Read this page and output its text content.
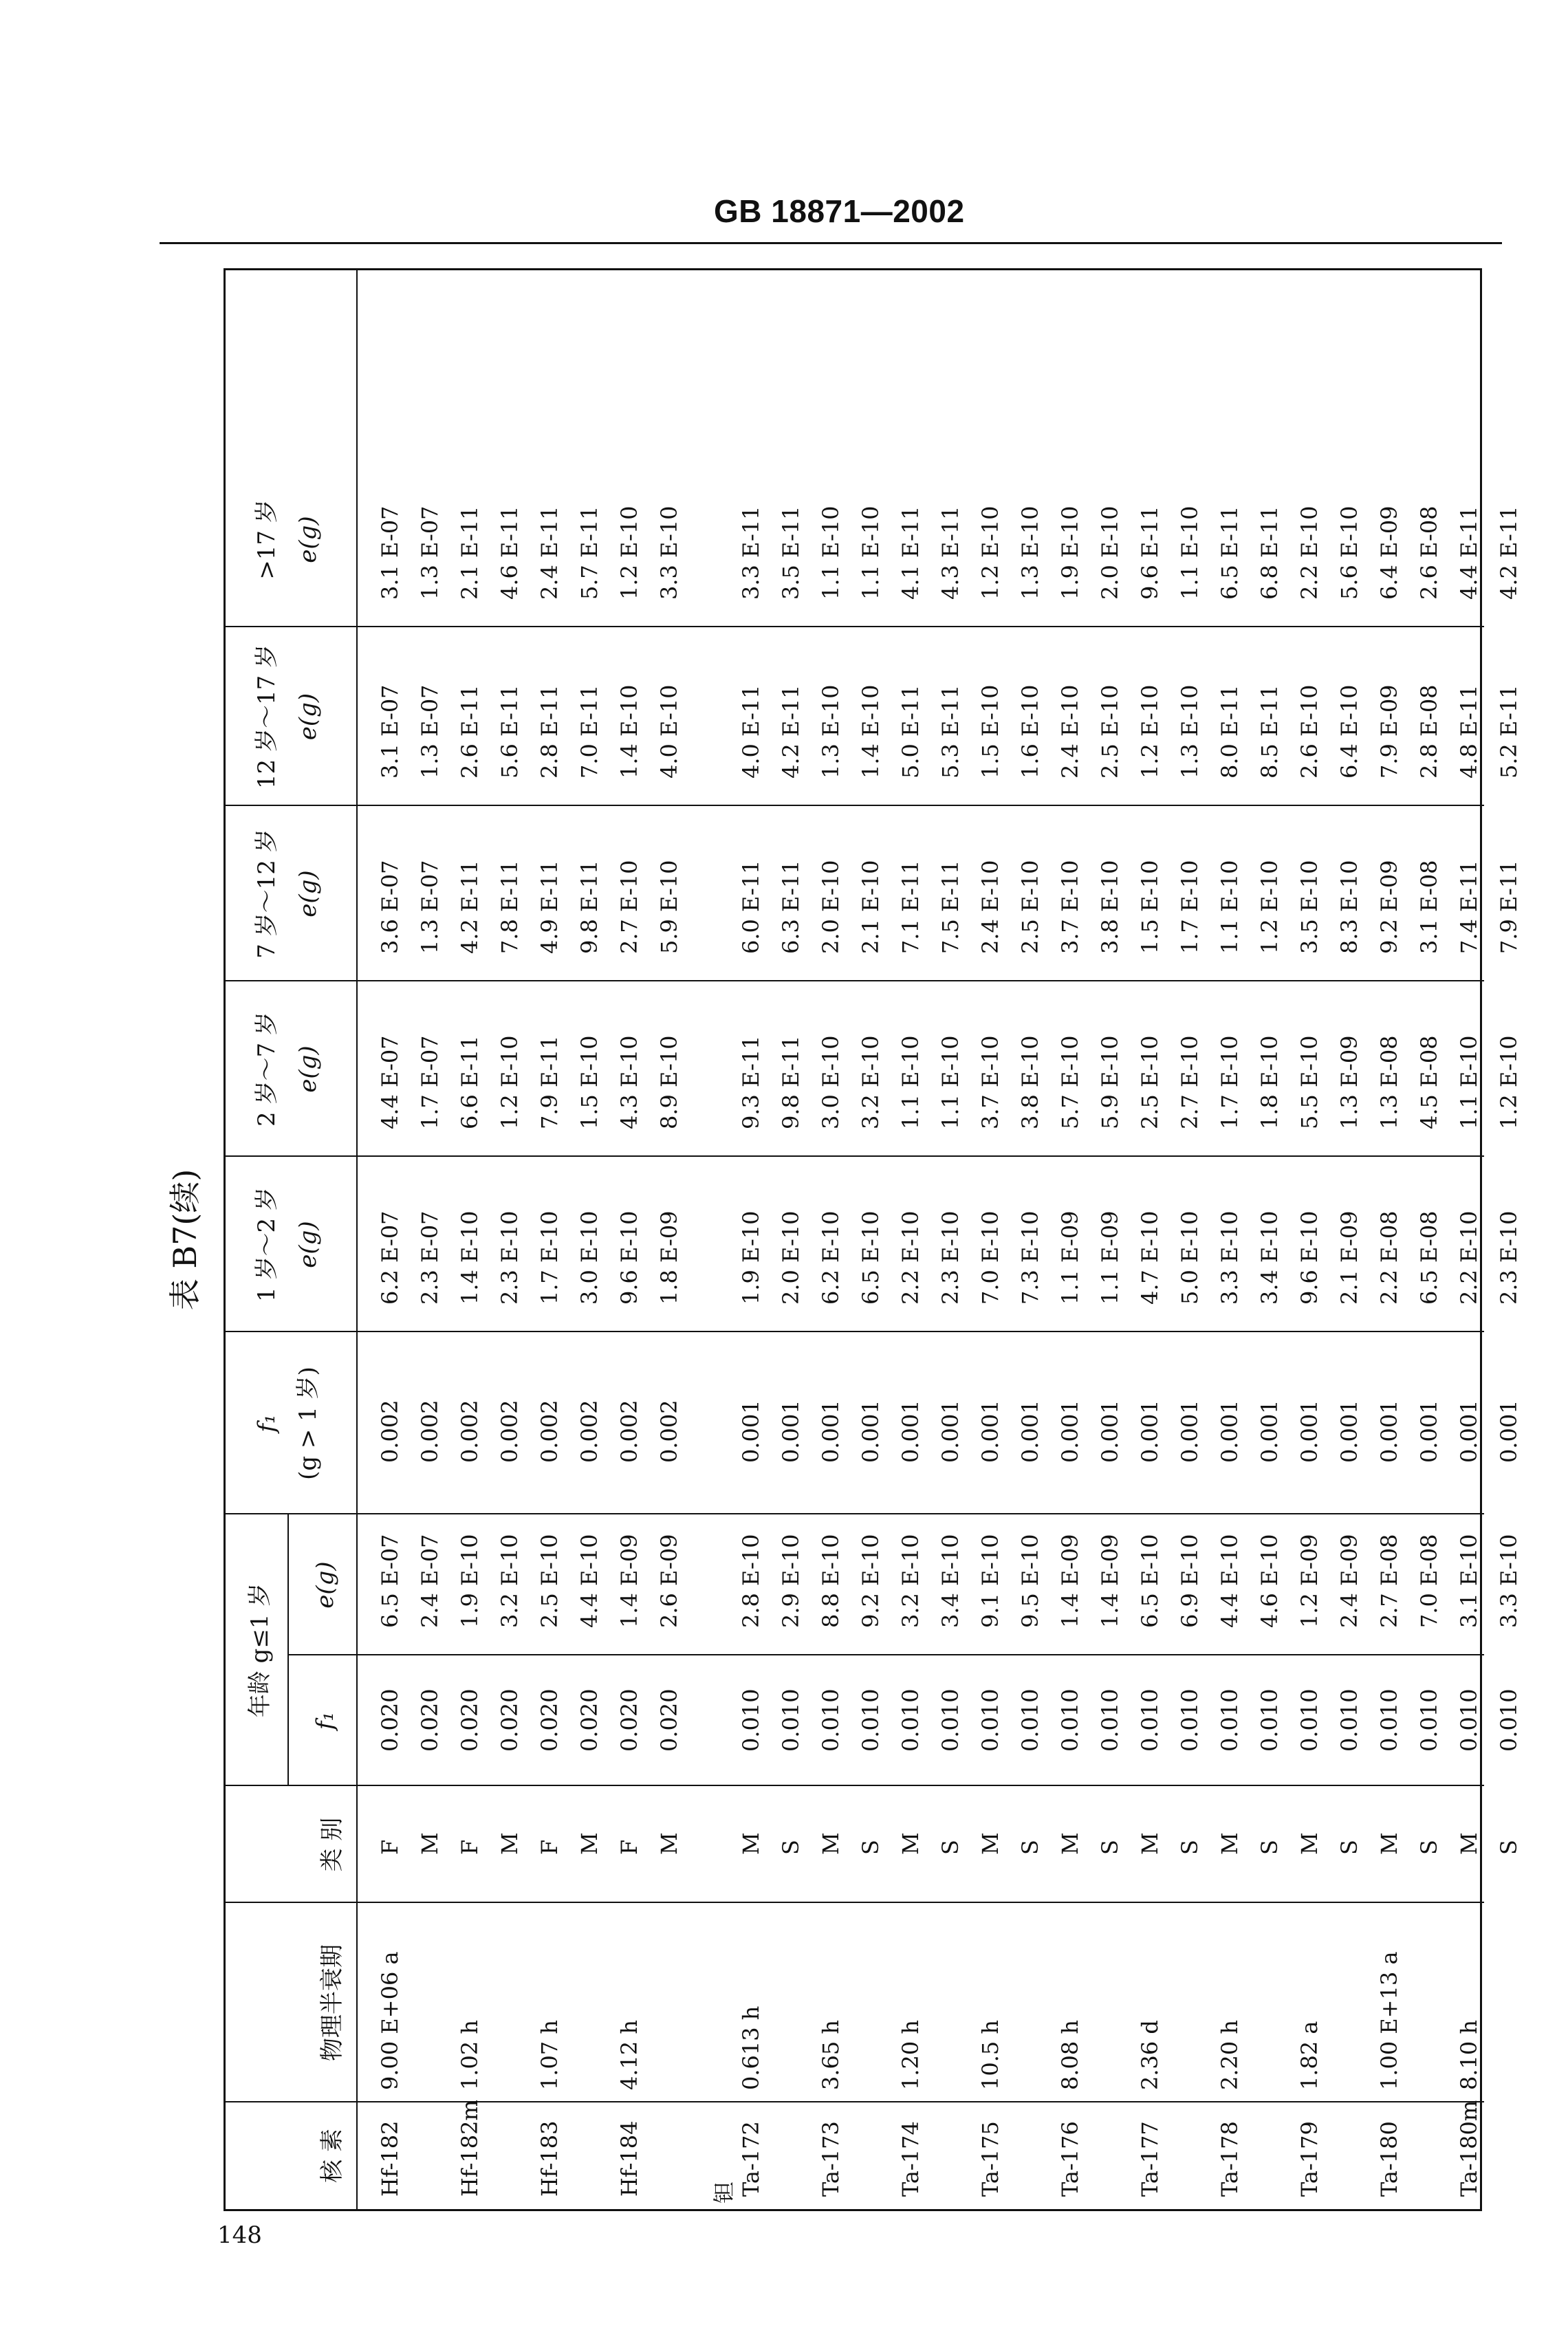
GB 18871—2002
表 B7(续)
核 素
物理半衰期
类 别
年龄 g≤1 岁
f₁
e(g)
f₁ (g > 1 岁)
1 岁～2 岁 e(g)
2 岁～7 岁 e(g)
7 岁～12 岁 e(g)
12 岁～17 岁 e(g)
>17 岁 e(g)
钽
Hf-182
9.00 E+06 a
F
0.020
6.5 E-07
0.002
6.2 E-07
4.4 E-07
3.6 E-07
3.1 E-07
3.1 E-07
M
0.020
2.4 E-07
0.002
2.3 E-07
1.7 E-07
1.3 E-07
1.3 E-07
1.3 E-07
Hf-182m
1.02 h
F
0.020
1.9 E-10
0.002
1.4 E-10
6.6 E-11
4.2 E-11
2.6 E-11
2.1 E-11
M
0.020
3.2 E-10
0.002
2.3 E-10
1.2 E-10
7.8 E-11
5.6 E-11
4.6 E-11
Hf-183
1.07 h
F
0.020
2.5 E-10
0.002
1.7 E-10
7.9 E-11
4.9 E-11
2.8 E-11
2.4 E-11
M
0.020
4.4 E-10
0.002
3.0 E-10
1.5 E-10
9.8 E-11
7.0 E-11
5.7 E-11
Hf-184
4.12 h
F
0.020
1.4 E-09
0.002
9.6 E-10
4.3 E-10
2.7 E-10
1.4 E-10
1.2 E-10
M
0.020
2.6 E-09
0.002
1.8 E-09
8.9 E-10
5.9 E-10
4.0 E-10
3.3 E-10
Ta-172
0.613 h
M
0.010
2.8 E-10
0.001
1.9 E-10
9.3 E-11
6.0 E-11
4.0 E-11
3.3 E-11
S
0.010
2.9 E-10
0.001
2.0 E-10
9.8 E-11
6.3 E-11
4.2 E-11
3.5 E-11
Ta-173
3.65 h
M
0.010
8.8 E-10
0.001
6.2 E-10
3.0 E-10
2.0 E-10
1.3 E-10
1.1 E-10
S
0.010
9.2 E-10
0.001
6.5 E-10
3.2 E-10
2.1 E-10
1.4 E-10
1.1 E-10
Ta-174
1.20 h
M
0.010
3.2 E-10
0.001
2.2 E-10
1.1 E-10
7.1 E-11
5.0 E-11
4.1 E-11
S
0.010
3.4 E-10
0.001
2.3 E-10
1.1 E-10
7.5 E-11
5.3 E-11
4.3 E-11
Ta-175
10.5 h
M
0.010
9.1 E-10
0.001
7.0 E-10
3.7 E-10
2.4 E-10
1.5 E-10
1.2 E-10
S
0.010
9.5 E-10
0.001
7.3 E-10
3.8 E-10
2.5 E-10
1.6 E-10
1.3 E-10
Ta-176
8.08 h
M
0.010
1.4 E-09
0.001
1.1 E-09
5.7 E-10
3.7 E-10
2.4 E-10
1.9 E-10
S
0.010
1.4 E-09
0.001
1.1 E-09
5.9 E-10
3.8 E-10
2.5 E-10
2.0 E-10
Ta-177
2.36 d
M
0.010
6.5 E-10
0.001
4.7 E-10
2.5 E-10
1.5 E-10
1.2 E-10
9.6 E-11
S
0.010
6.9 E-10
0.001
5.0 E-10
2.7 E-10
1.7 E-10
1.3 E-10
1.1 E-10
Ta-178
2.20 h
M
0.010
4.4 E-10
0.001
3.3 E-10
1.7 E-10
1.1 E-10
8.0 E-11
6.5 E-11
S
0.010
4.6 E-10
0.001
3.4 E-10
1.8 E-10
1.2 E-10
8.5 E-11
6.8 E-11
Ta-179
1.82 a
M
0.010
1.2 E-09
0.001
9.6 E-10
5.5 E-10
3.5 E-10
2.6 E-10
2.2 E-10
S
0.010
2.4 E-09
0.001
2.1 E-09
1.3 E-09
8.3 E-10
6.4 E-10
5.6 E-10
Ta-180
1.00 E+13 a
M
0.010
2.7 E-08
0.001
2.2 E-08
1.3 E-08
9.2 E-09
7.9 E-09
6.4 E-09
S
0.010
7.0 E-08
0.001
6.5 E-08
4.5 E-08
3.1 E-08
2.8 E-08
2.6 E-08
Ta-180m
8.10 h
M
0.010
3.1 E-10
0.001
2.2 E-10
1.1 E-10
7.4 E-11
4.8 E-11
4.4 E-11
S
0.010
3.3 E-10
0.001
2.3 E-10
1.2 E-10
7.9 E-11
5.2 E-11
4.2 E-11
148
